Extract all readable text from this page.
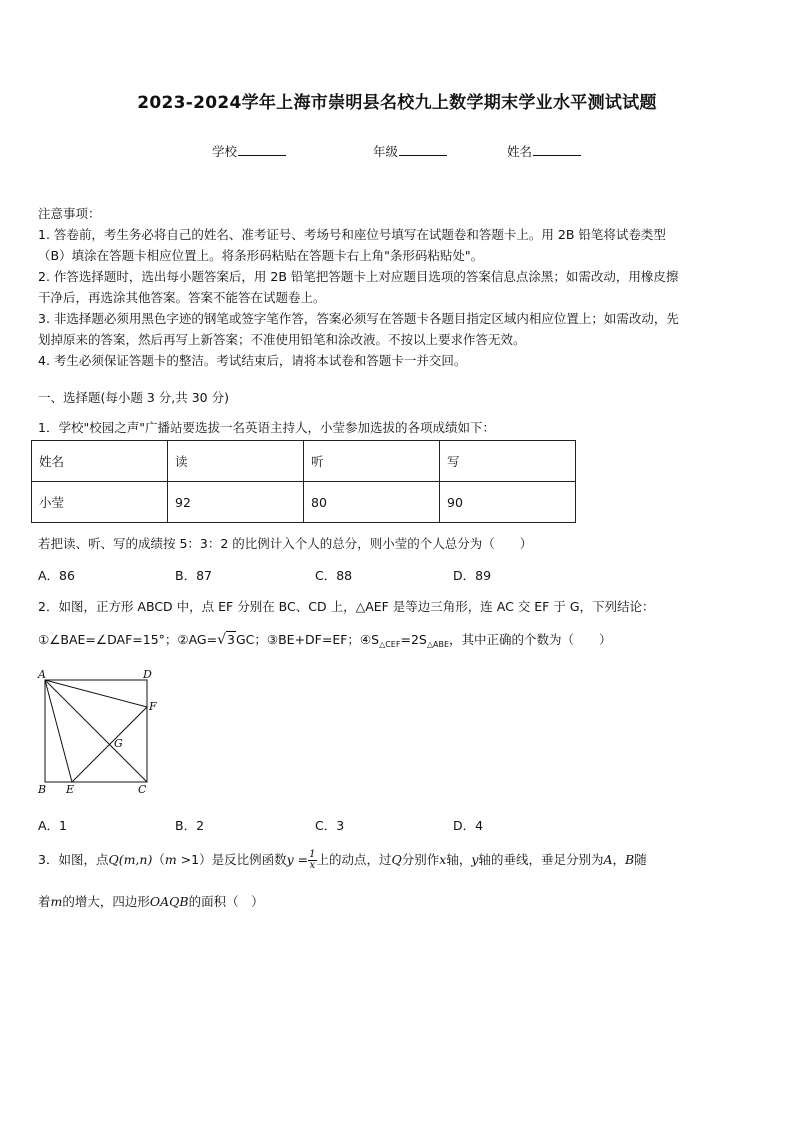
2023-2024学年上海市崇明县名校九上数学期末学业水平测试试题
学校	年级	姓名
注意事项：
1. 答卷前，考生务必将自己的姓名、准考证号、考场号和座位号填写在试题卷和答题卡上。用 2B 铅笔将试卷类型
（B）填涂在答题卡相应位置上。将条形码粘贴在答题卡右上角"条形码粘贴处"。
2. 作答选择题时，选出每小题答案后，用 2B 铅笔把答题卡上对应题目选项的答案信息点涂黑；如需改动，用橡皮擦
干净后，再选涂其他答案。答案不能答在试题卷上。
3. 非选择题必须用黑色字迹的钢笔或签字笔作答，答案必须写在答题卡各题目指定区域内相应位置上；如需改动，先
划掉原来的答案，然后再写上新答案；不准使用铅笔和涂改液。不按以上要求作答无效。
4. 考生必须保证答题卡的整洁。考试结束后，请将本试卷和答题卡一并交回。
一、选择题(每小题 3 分,共 30 分)
1．学校"校园之声"广播站要选拔一名英语主持人，小莹参加选拔的各项成绩如下：
姓名	读	听	写
小莹	92	80	90
若把读、听、写的成绩按 5：3：2 的比例计入个人的总分，则小莹的个人总分为（　　）
A．86	B．87	C．88	D．89
2．如图，正方形 ABCD 中，点 EF 分别在 BC、CD 上，△AEF 是等边三角形，连 AC 交 EF 于 G，下列结论：
①∠BAE=∠DAF=15°；②AG=√3GC；③BE+DF=EF；$④S_{\triangle CEF}=2S_{\triangle ABE}$，其中正确的个数为（　　）
A	D
F
G
B E	C
A．1	B．2	C．3	D．4
3．如图，点Q(m,n)（m >1）是反比例函数$y = \frac{1}{x}$ 上的动点，过Q分别作x轴，y轴的垂线，垂足分别为A，B随
着m的增大，四边形OAQB的面积（　）
